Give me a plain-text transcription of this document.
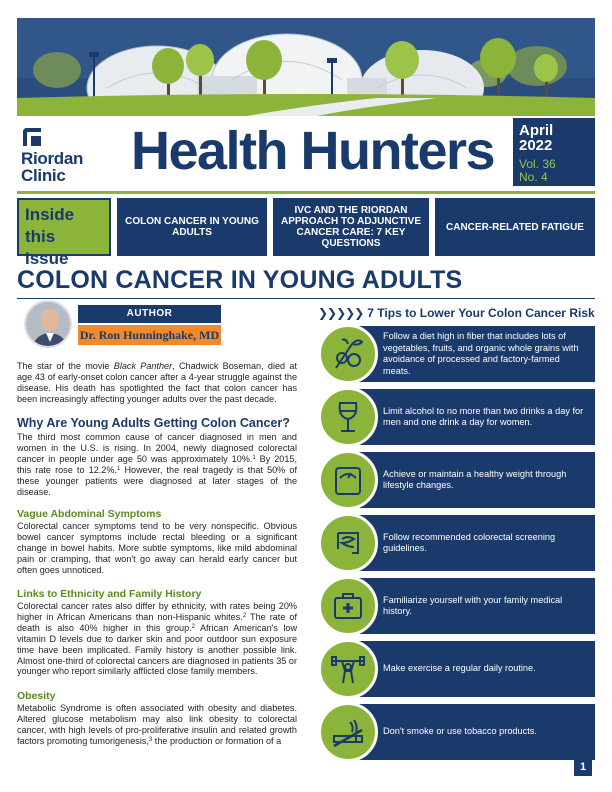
Riordan
Clinic	Health Hunters April
2022
Vol. 36
No. 4
Inside
this Issue
COLON CANCER IN YOUNG ADULTS
IVC AND THE RIORDAN APPROACH TO ADJUNCTIVE CANCER CARE: 7 KEY QUESTIONS
CANCER-RELATED FATIGUE
COLON CANCER IN YOUNG ADULTS
AUTHOR
Dr. Ron Hunninghake, MD

The star of the movie Black Panther, Chadwick Boseman, died at age 43 of early-onset colon cancer after a 4-year struggle against the disease. His death has spotlighted the fact that colon cancer has been increasingly affecting younger adults over the past decade.

Why Are Young Adults Getting Colon Cancer?

The third most common cause of cancer diagnosed in men and women in the U.S. is rising. In 2004, newly diagnosed colorectal cancer in people under age 50 was approximately 10%.$^1$ By 2015, this rate rose to 12.2%.$^1$ However, the real tragedy is that 50% of these younger patients were diagnosed at later stages of the disease.

Vague Abdominal Symptoms

Colorectal cancer symptoms tend to be very nonspecific. Obvious bowel cancer symptoms include rectal bleeding or a significant change in bowel habits. More subtle symptoms, like mild abdominal pain or cramping, that won't go away can herald early cancer but often goes unnoticed.

Links to Ethnicity and Family History

Colorectal cancer rates also differ by ethnicity, with rates being 20% higher in African Americans than non-Hispanic whites.$^2$ The rate of death is also 40% higher in this group.$^2$ African American's low vitamin D levels due to darker skin and poor outdoor sun exposure time have been implicated. Family history is another possible link. Almost one-third of colorectal cancers are diagnosed in patients 35 or younger who report similarly afflicted close family members.

Obesity

Metabolic Syndrome is often associated with obesity and diabetes. Altered glucose metabolism may also link obesity to colorectal cancer, with high levels of pro-proliferative insulin and related growth factors promoting tumorigenesis,$^3$ the production or formation of a

❯❯❯❯❯ 7 Tips to Lower Your Colon Cancer Risk
Follow a diet high in fiber that includes lots of vegetables, fruits, and organic whole grains with avoidance of processed and factory-farmed meats.
Limit alcohol to no more than two drinks a day for men and one drink a day for women.
Achieve or maintain a healthy weight through lifestyle changes.
Follow recommended colorectal screening guidelines.
Familiarize yourself with your family medical history.
Make exercise a regular daily routine.
Don't smoke or use tobacco products.
1
